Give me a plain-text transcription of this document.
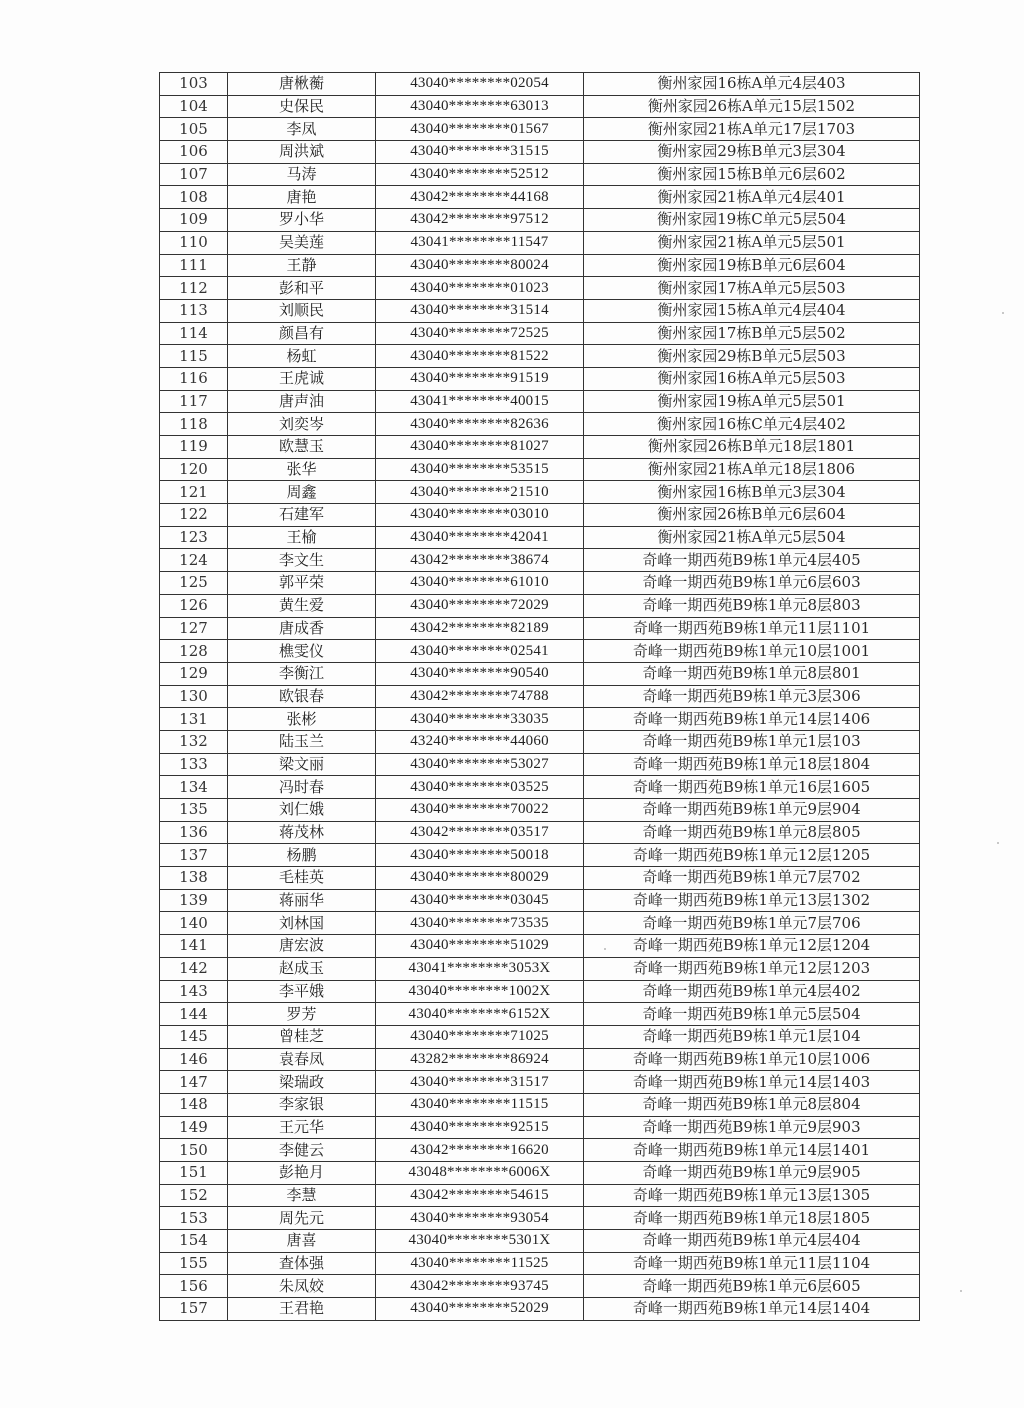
103	唐楸蘅	43040********02054	衡州家园16栋A单元4层403
104	史保民	43040********63013	衡州家园26栋A单元15层1502
105	李凤	43040********01567	衡州家园21栋A单元17层1703
106	周洪斌	43040********31515	衡州家园29栋B单元3层304
107	马涛	43040********52512	衡州家园15栋B单元6层602
108	唐艳	43042********44168	衡州家园21栋A单元4层401
109	罗小华	43042********97512	衡州家园19栋C单元5层504
110	吴美莲	43041********11547	衡州家园21栋A单元5层501
111	王静	43040********80024	衡州家园19栋B单元6层604
112	彭和平	43040********01023	衡州家园17栋A单元5层503
113	刘顺民	43040********31514	衡州家园15栋A单元4层404
114	颜昌有	43040********72525	衡州家园17栋B单元5层502
115	杨虹	43040********81522	衡州家园29栋B单元5层503
116	王虎诚	43040********91519	衡州家园16栋A单元5层503
117	唐声油	43041********40015	衡州家园19栋A单元5层501
118	刘奕岑	43040********82636	衡州家园16栋C单元4层402
119	欧慧玉	43040********81027	衡州家园26栋B单元18层1801
120	张华	43040********53515	衡州家园21栋A单元18层1806
121	周鑫	43040********21510	衡州家园16栋B单元3层304
122	石建军	43040********03010	衡州家园26栋B单元6层604
123	王榆	43040********42041	衡州家园21栋A单元5层504
124	李文生	43042********38674	奇峰一期西苑B9栋1单元4层405
125	郭平荣	43040********61010	奇峰一期西苑B9栋1单元6层603
126	黄生爱	43040********72029	奇峰一期西苑B9栋1单元8层803
127	唐成香	43042********82189	奇峰一期西苑B9栋1单元11层1101
128	樵雯仪	43040********02541	奇峰一期西苑B9栋1单元10层1001
129	李衡江	43040********90540	奇峰一期西苑B9栋1单元8层801
130	欧银春	43042********74788	奇峰一期西苑B9栋1单元3层306
131	张彬	43040********33035	奇峰一期西苑B9栋1单元14层1406
132	陆玉兰	43240********44060	奇峰一期西苑B9栋1单元1层103
133	梁文丽	43040********53027	奇峰一期西苑B9栋1单元18层1804
134	冯时春	43040********03525	奇峰一期西苑B9栋1单元16层1605
135	刘仁娥	43040********70022	奇峰一期西苑B9栋1单元9层904
136	蒋茂林	43042********03517	奇峰一期西苑B9栋1单元8层805
137	杨鹏	43040********50018	奇峰一期西苑B9栋1单元12层1205
138	毛桂英	43040********80029	奇峰一期西苑B9栋1单元7层702
139	蒋丽华	43040********03045	奇峰一期西苑B9栋1单元13层1302
140	刘林国	43040********73535	奇峰一期西苑B9栋1单元7层706
141	唐宏波	43040********51029	奇峰一期西苑B9栋1单元12层1204
142	赵成玉	43041********3053X	奇峰一期西苑B9栋1单元12层1203
143	李平娥	43040********1002X	奇峰一期西苑B9栋1单元4层402
144	罗芳	43040********6152X	奇峰一期西苑B9栋1单元5层504
145	曾桂芝	43040********71025	奇峰一期西苑B9栋1单元1层104
146	袁春凤	43282********86924	奇峰一期西苑B9栋1单元10层1006
147	梁瑞政	43040********31517	奇峰一期西苑B9栋1单元14层1403
148	李家银	43040********11515	奇峰一期西苑B9栋1单元8层804
149	王元华	43040********92515	奇峰一期西苑B9栋1单元9层903
150	李健云	43042********16620	奇峰一期西苑B9栋1单元14层1401
151	彭艳月	43048********6006X	奇峰一期西苑B9栋1单元9层905
152	李慧	43042********54615	奇峰一期西苑B9栋1单元13层1305
153	周先元	43040********93054	奇峰一期西苑B9栋1单元18层1805
154	唐喜	43040********5301X	奇峰一期西苑B9栋1单元4层404
155	查体强	43040********11525	奇峰一期西苑B9栋1单元11层1104
156	朱凤姣	43042********93745	奇峰一期西苑B9栋1单元6层605
157	王君艳	43040********52029	奇峰一期西苑B9栋1单元14层1404
